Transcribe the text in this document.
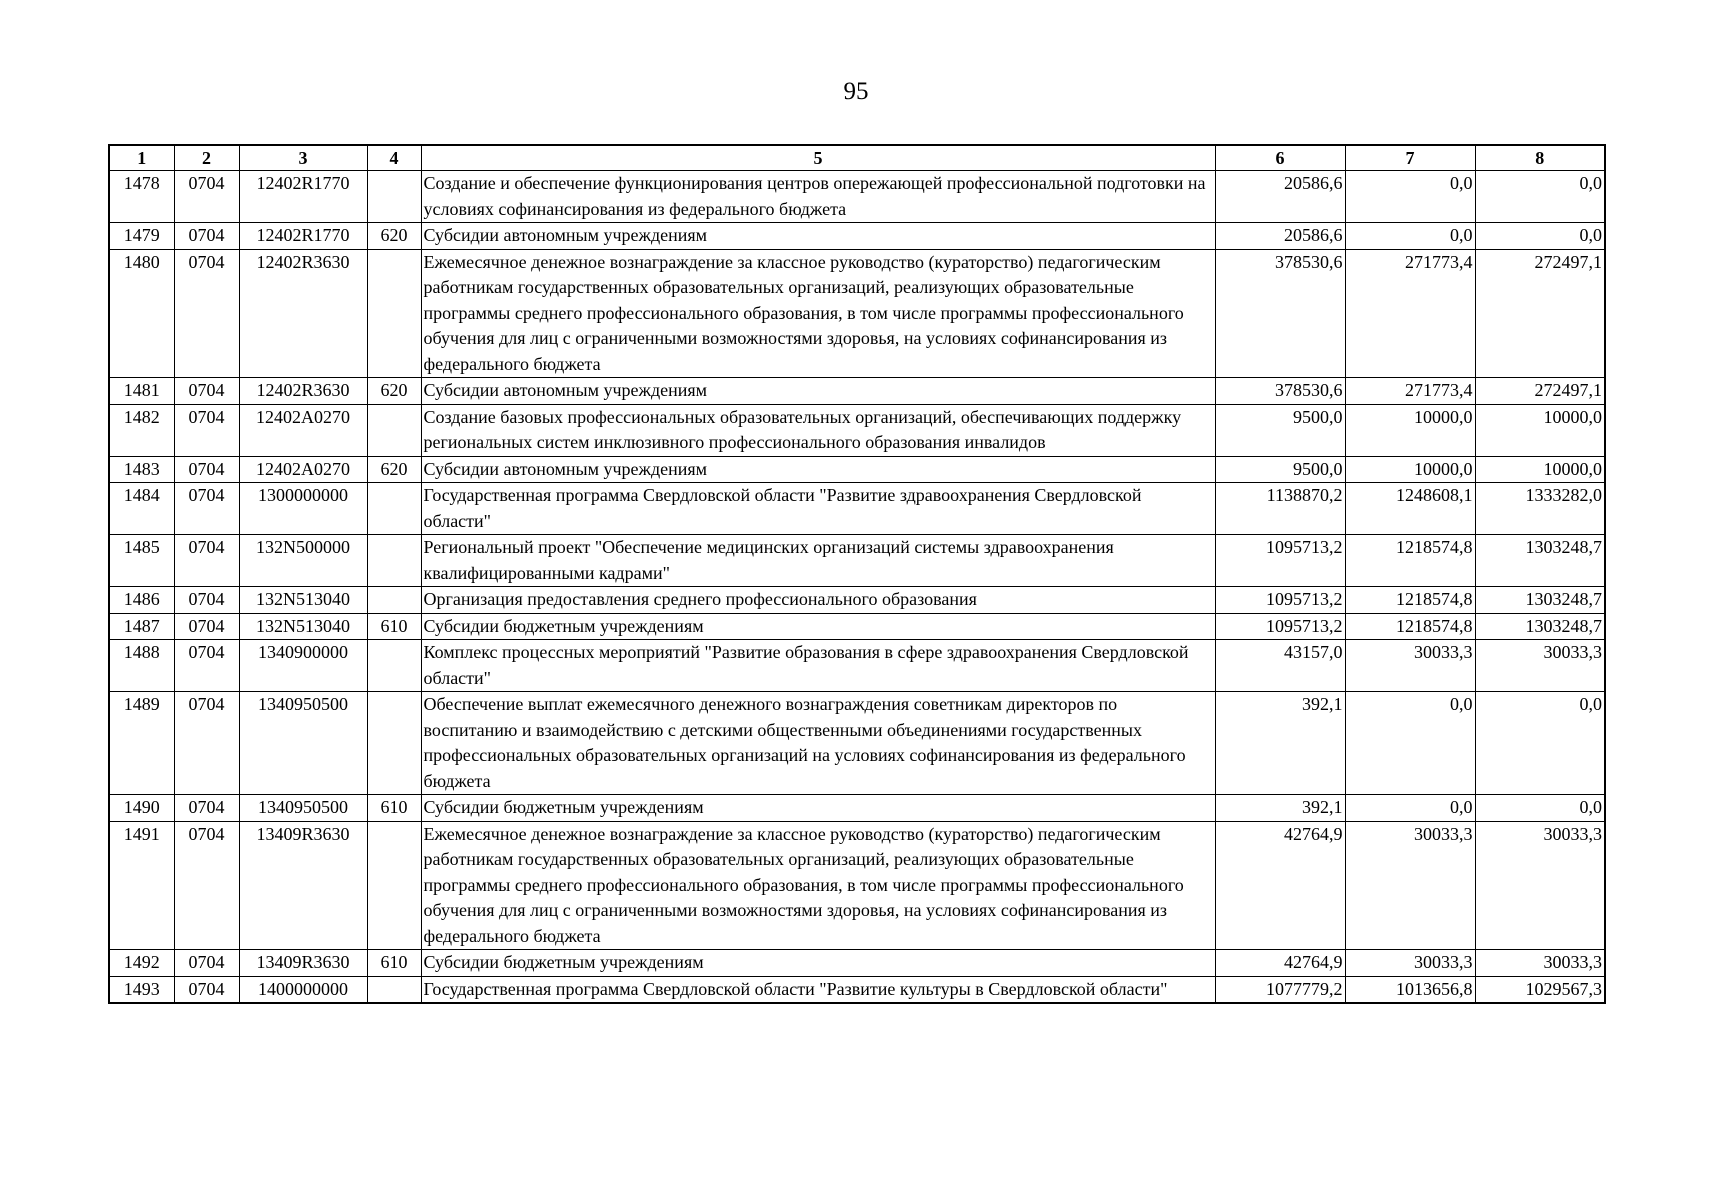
95
1	2	3	4	5	6	7	8
1478	0704	12402R1770		Создание и обеспечение функционирования центров опережающей профессиональной подготовки на условиях софинансирования из федерального бюджета	20586,6	0,0	0,0
1479	0704	12402R1770	620	Субсидии автономным учреждениям	20586,6	0,0	0,0
1480	0704	12402R3630		Ежемесячное денежное вознаграждение за классное руководство (кураторство) педагогическим работникам государственных образовательных организаций, реализующих образовательные программы среднего профессионального образования, в том числе программы профессионального обучения для лиц с ограниченными возможностями здоровья, на условиях софинансирования из федерального бюджета	378530,6	271773,4	272497,1
1481	0704	12402R3630	620	Субсидии автономным учреждениям	378530,6	271773,4	272497,1
1482	0704	12402A0270		Создание базовых профессиональных образовательных организаций, обеспечивающих поддержку региональных систем инклюзивного профессионального образования инвалидов	9500,0	10000,0	10000,0
1483	0704	12402A0270	620	Субсидии автономным учреждениям	9500,0	10000,0	10000,0
1484	0704	1300000000		Государственная программа Свердловской области "Развитие здравоохранения Свердловской области"	1138870,2	1248608,1	1333282,0
1485	0704	132N500000		Региональный проект "Обеспечение медицинских организаций системы здравоохранения квалифицированными кадрами"	1095713,2	1218574,8	1303248,7
1486	0704	132N513040		Организация предоставления среднего профессионального образования	1095713,2	1218574,8	1303248,7
1487	0704	132N513040	610	Субсидии бюджетным учреждениям	1095713,2	1218574,8	1303248,7
1488	0704	1340900000		Комплекс процессных мероприятий "Развитие образования в сфере здравоохранения Свердловской области"	43157,0	30033,3	30033,3
1489	0704	1340950500		Обеспечение выплат ежемесячного денежного вознаграждения советникам директоров по воспитанию и взаимодействию с детскими общественными объединениями государственных профессиональных образовательных организаций на условиях софинансирования из федерального бюджета	392,1	0,0	0,0
1490	0704	1340950500	610	Субсидии бюджетным учреждениям	392,1	0,0	0,0
1491	0704	13409R3630		Ежемесячное денежное вознаграждение за классное руководство (кураторство) педагогическим работникам государственных образовательных организаций, реализующих образовательные программы среднего профессионального образования, в том числе программы профессионального обучения для лиц с ограниченными возможностями здоровья, на условиях софинансирования из федерального бюджета	42764,9	30033,3	30033,3
1492	0704	13409R3630	610	Субсидии бюджетным учреждениям	42764,9	30033,3	30033,3
1493	0704	1400000000		Государственная программа Свердловской области "Развитие культуры в Свердловской области"	1077779,2	1013656,8	1029567,3
